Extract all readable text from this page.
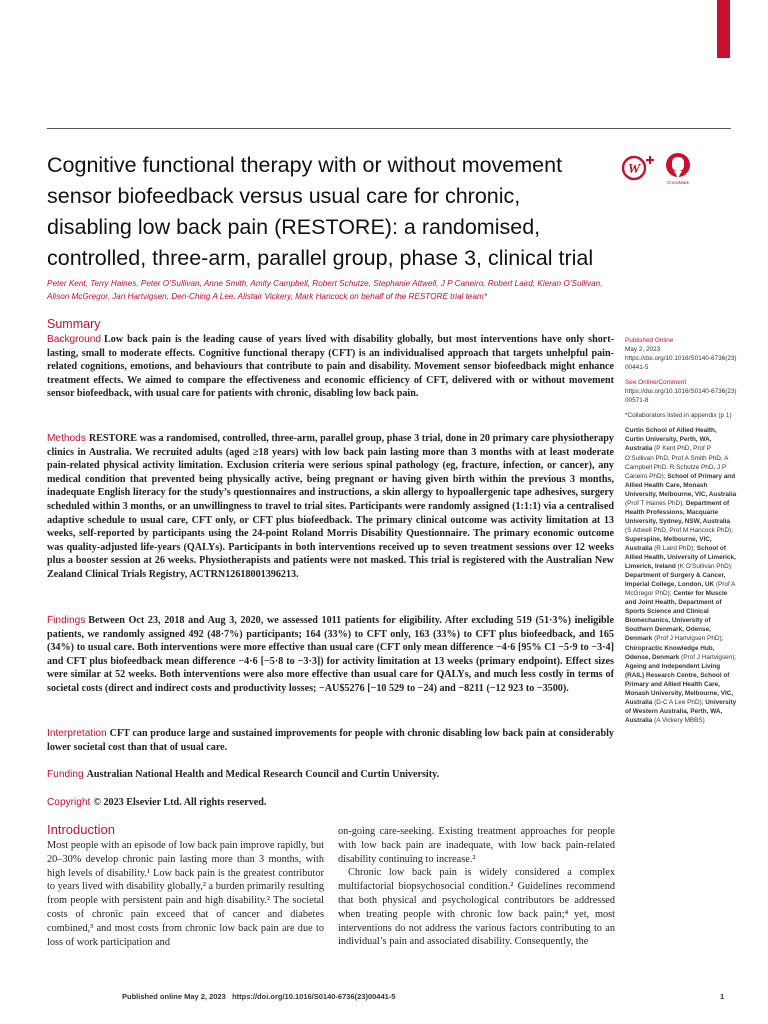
Cognitive functional therapy with or without movement sensor biofeedback versus usual care for chronic, disabling low back pain (RESTORE): a randomised, controlled, three-arm, parallel group, phase 3, clinical trial
W
CrossMark
Peter Kent, Terry Haines, Peter O’Sullivan, Anne Smith, Amity Campbell, Robert Schutze, Stephanie Attwell, J P Caneiro, Robert Laird, Kieran O’Sullivan, Alison McGregor, Jan Hartvigsen, Den-Ching A Lee, Alistair Vickery, Mark Hancock on behalf of the RESTORE trial team*
Summary

Background Low back pain is the leading cause of years lived with disability globally, but most interventions have only short-lasting, small to moderate effects. Cognitive functional therapy (CFT) is an individualised approach that targets unhelpful pain-related cognitions, emotions, and behaviours that contribute to pain and disability. Movement sensor biofeedback might enhance treatment effects. We aimed to compare the effectiveness and economic efficiency of CFT, delivered with or without movement sensor biofeedback, with usual care for patients with chronic, disabling low back pain.

Methods RESTORE was a randomised, controlled, three-arm, parallel group, phase 3 trial, done in 20 primary care physiotherapy clinics in Australia. We recruited adults (aged ≥18 years) with low back pain lasting more than 3 months with at least moderate pain-related physical activity limitation. Exclusion criteria were serious spinal pathology (eg, fracture, infection, or cancer), any medical condition that prevented being physically active, being pregnant or having given birth within the previous 3 months, inadequate English literacy for the study’s questionnaires and instructions, a skin allergy to hypoallergenic tape adhesives, surgery scheduled within 3 months, or an unwillingness to travel to trial sites. Participants were randomly assigned (1:1:1) via a centralised adaptive schedule to usual care, CFT only, or CFT plus biofeedback. The primary clinical outcome was activity limitation at 13 weeks, self-reported by participants using the 24-point Roland Morris Disability Questionnaire. The primary economic outcome was quality-adjusted life-years (QALYs). Participants in both interventions received up to seven treatment sessions over 12 weeks plus a booster session at 26 weeks. Physiotherapists and patients were not masked. This trial is registered with the Australian New Zealand Clinical Trials Registry, ACTRN12618001396213.

Findings Between Oct 23, 2018 and Aug 3, 2020, we assessed 1011 patients for eligibility. After excluding 519 (51·3%) ineligible patients, we randomly assigned 492 (48·7%) participants; 164 (33%) to CFT only, 163 (33%) to CFT plus biofeedback, and 165 (34%) to usual care. Both interventions were more effective than usual care (CFT only mean difference −4·6 [95% CI −5·9 to −3·4] and CFT plus biofeedback mean difference −4·6 [−5·8 to −3·3]) for activity limitation at 13 weeks (primary endpoint). Effect sizes were similar at 52 weeks. Both interventions were also more effective than usual care for QALYs, and much less costly in terms of societal costs (direct and indirect costs and productivity losses; −AU$5276 [−10 529 to −24) and −8211 (−12 923 to −3500).

Interpretation CFT can produce large and sustained improvements for people with chronic disabling low back pain at considerably lower societal cost than that of usual care.

Funding Australian National Health and Medical Research Council and Curtin University.

Copyright © 2023 Elsevier Ltd. All rights reserved.

Introduction

Most people with an episode of low back pain improve rapidly, but 20–30% develop chronic pain lasting more than 3 months, with high levels of disability.¹ Low back pain is the greatest contributor to years lived with disability globally,² a burden primarily resulting from people with persistent pain and high disability.² The societal costs of chronic pain exceed that of cancer and diabetes combined,³ and most costs from chronic low back pain are due to loss of work participation and

on-going care-seeking. Existing treatment approaches for people with low back pain are inadequate, with low back pain-related disability continuing to increase.²

Chronic low back pain is widely considered a complex multifactorial biopsychosocial condition.² Guidelines recommend that both physical and psychological contributors be addressed when treating people with chronic low back pain;⁴ yet, most interventions do not address the various factors contributing to an individual’s pain and associated disability. Consequently, the

Published Online
May 2, 2023
https://doi.org/10.1016/S0140-6736(23)00441-5

See Online/Comment
https://doi.org/10.1016/S0140-6736(23)00571-8

*Collaborators listed in appendix (p 1)

Curtin School of Allied Health, Curtin University, Perth, WA, Australia (P Kent PhD, Prof P O’Sullivan PhD, Prof A Smith PhD, A Campbell PhD, R Schutze PhD, J P Caneiro PhD); School of Primary and Allied Health Care, Monash University, Melbourne, VIC, Australia (Prof T Haines PhD); Department of Health Professions, Macquarie University, Sydney, NSW, Australia (S Attwell PhD, Prof M Hancock PhD); Superspine, Melbourne, VIC, Australia (R Laird PhD); School of Allied Health, University of Limerick, Limerick, Ireland (K O’Sullivan PhD); Department of Surgery & Cancer, Imperial College, London, UK (Prof A McGregor PhD); Center for Muscle and Joint Health, Department of Sports Science and Clinical Biomechanics, University of Southern Denmark, Odense, Denmark (Prof J Hartvigsen PhD); Chiropractic Knowledge Hub, Odense, Denmark (Prof J Hartvigsen); Ageing and Independent Living (RAIL) Research Centre, School of Primary and Allied Health Care, Monash University, Melbourne, VIC, Australia (D-C A Lee PhD); University of Western Australia, Perth, WA, Australia (A Vickery MBBS)

Published online May 2, 2023 https://doi.org/10.1016/S0140-6736(23)00441-5	1
